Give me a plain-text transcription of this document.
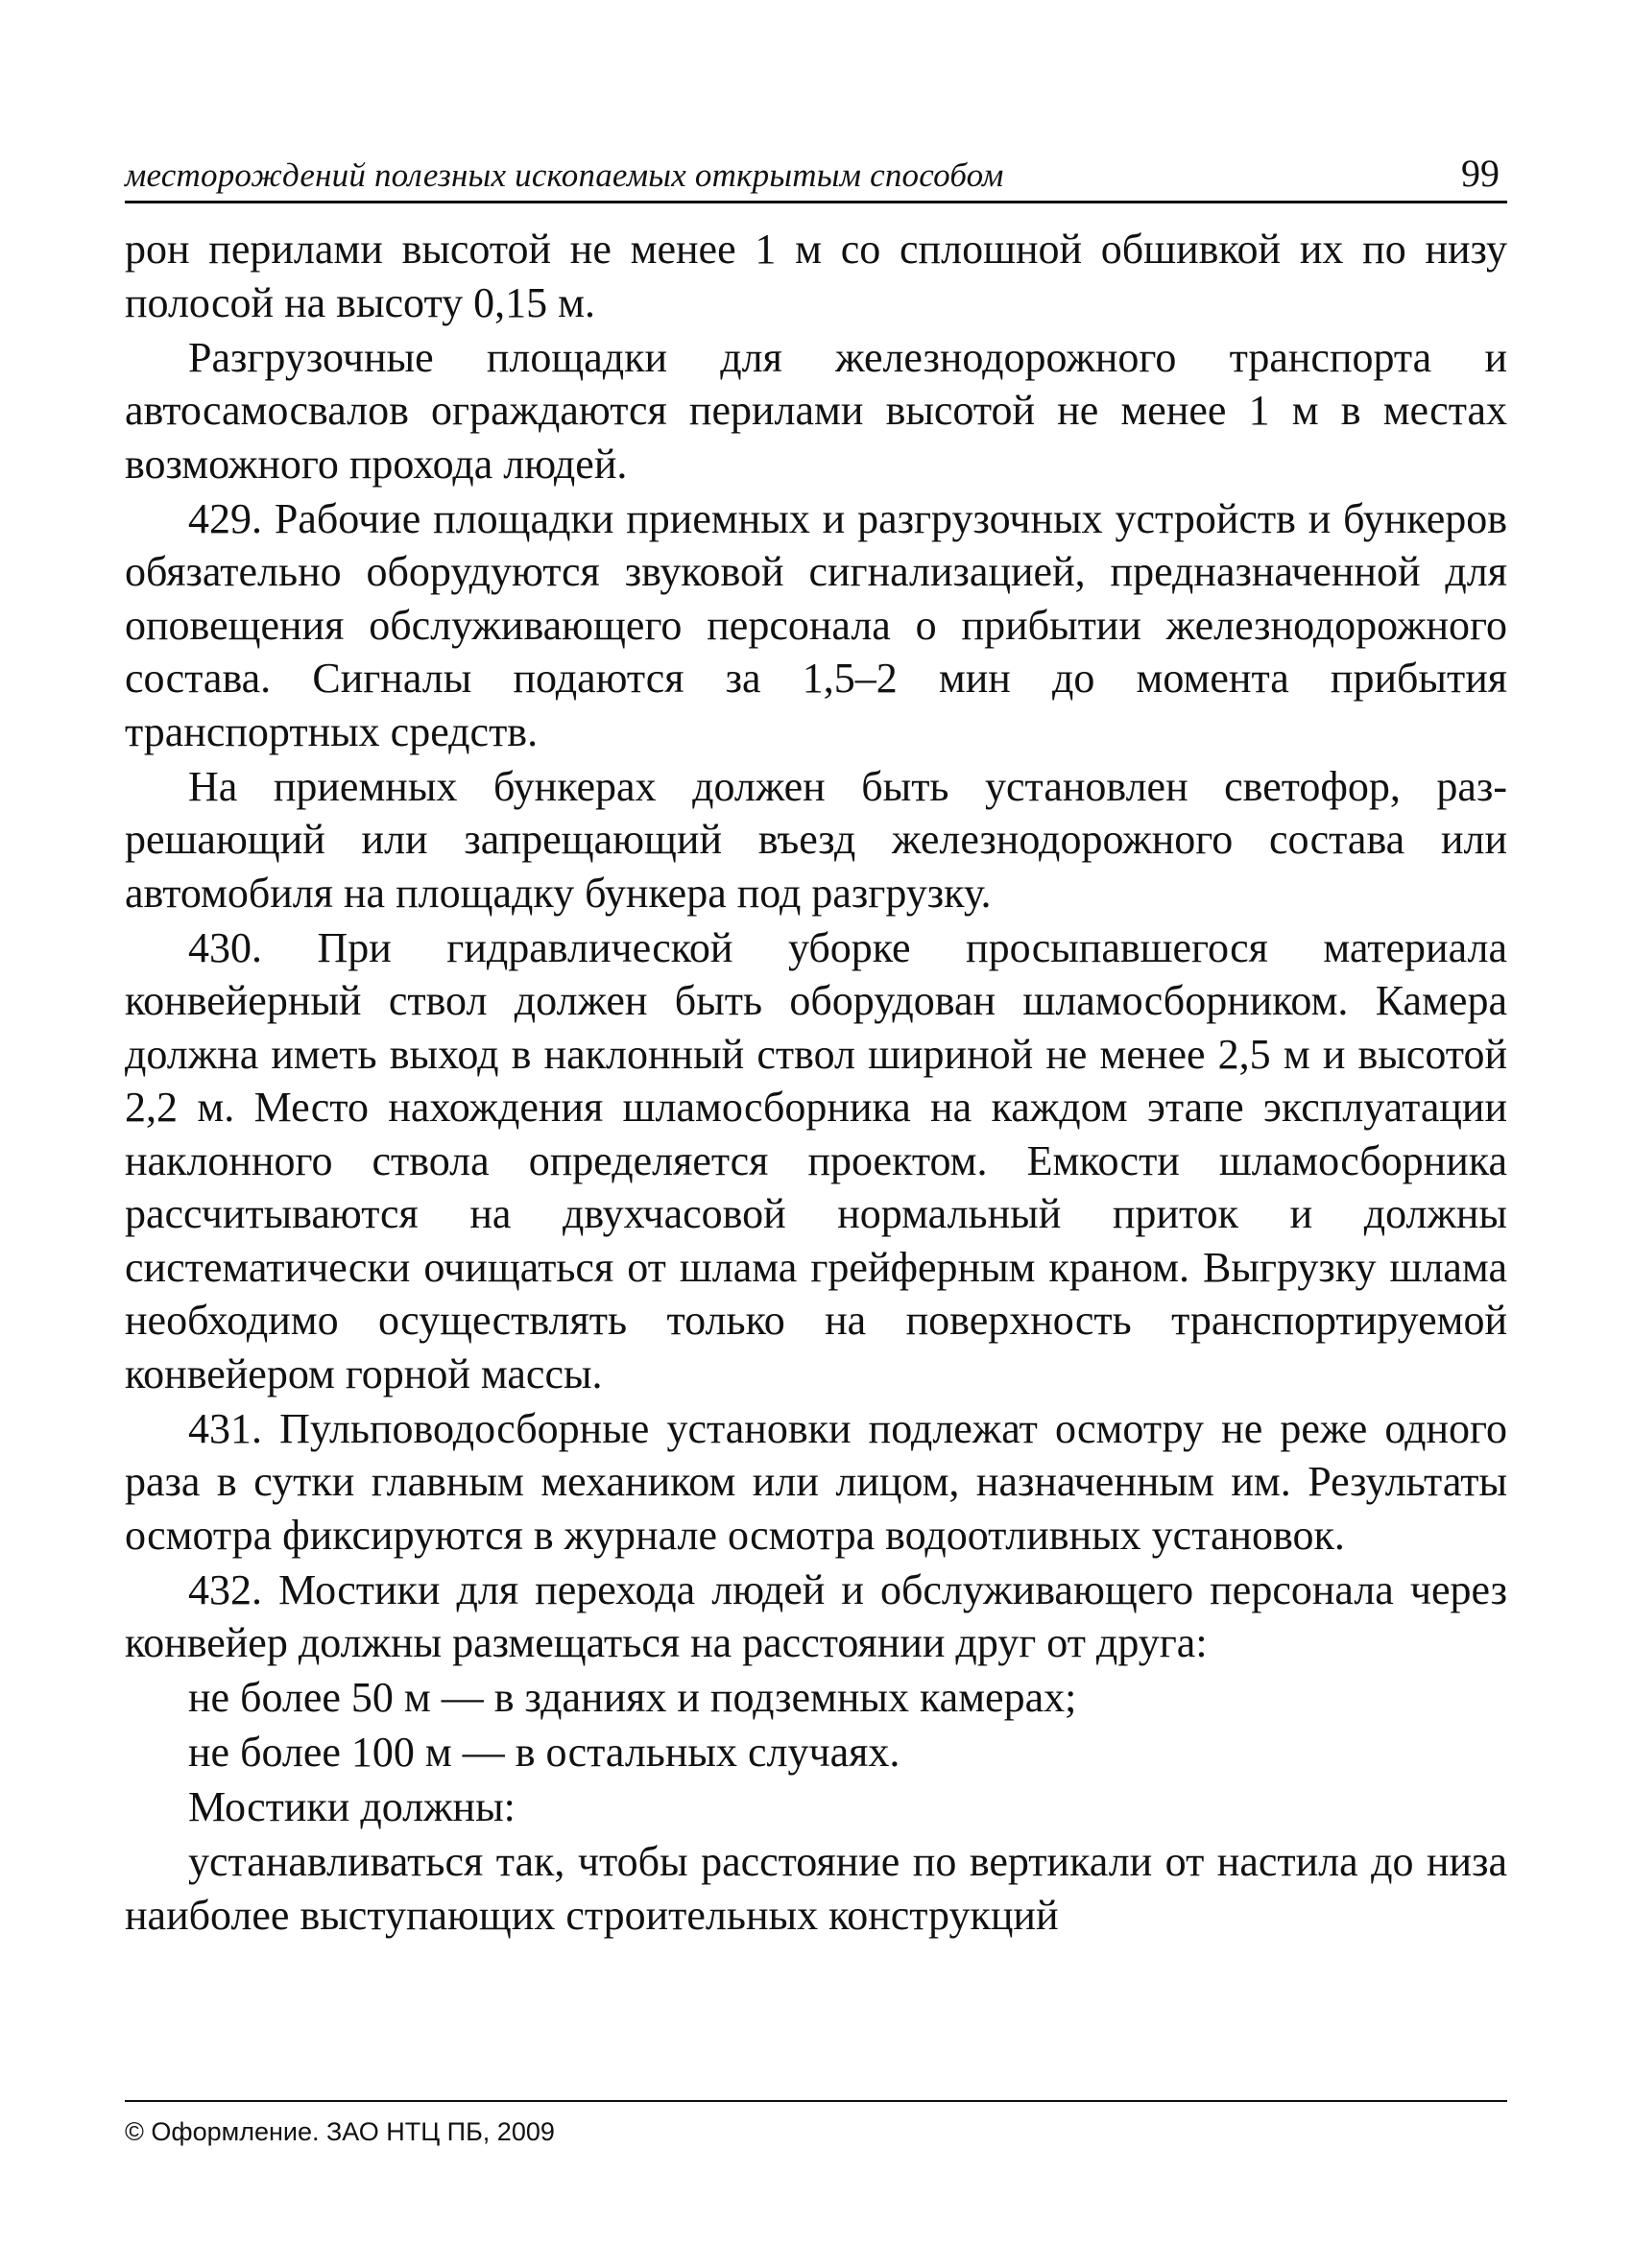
месторождений полезных ископаемых открытым способом	99

рон перилами высотой не менее 1 м со сплошной обшивкой их по низу полосой на высоту 0,15 м.

Разгрузочные площадки для железнодорожного транспорта и автосамосвалов ограждаются перилами высотой не менее 1 м в местах возможного прохода людей.

429. Рабочие площадки приемных и разгрузочных устройств и бункеров обязательно оборудуются звуковой сигнализацией, предназначенной для оповещения обслуживающего персонала о прибытии железнодорожного состава. Сигналы подаются за 1,5–2 мин до момента прибытия транспортных средств.

На приемных бункерах должен быть установлен светофор, разрешающий или запрещающий въезд железнодорожного состава или автомобиля на площадку бункера под разгрузку.

430. При гидравлической уборке просыпавшегося материала конвейерный ствол должен быть оборудован шламосборником. Камера должна иметь выход в наклонный ствол шириной не менее 2,5 м и высотой 2,2 м. Место нахождения шламосборника на каждом этапе эксплуатации наклонного ствола определяется проектом. Емкости шламосборника рассчитываются на двухчасовой нормальный приток и должны систематически очищаться от шлама грейферным краном. Выгрузку шлама необходимо осуществлять только на поверхность транспортируемой конвейером горной массы.

431. Пульповодосборные установки подлежат осмотру не реже одного раза в сутки главным механиком или лицом, назначенным им. Результаты осмотра фиксируются в журнале осмотра водоотливных установок.

432. Мостики для перехода людей и обслуживающего персонала через конвейер должны размещаться на расстоянии друг от друга:

не более 50 м — в зданиях и подземных камерах;

не более 100 м — в остальных случаях.

Мостики должны:

устанавливаться так, чтобы расстояние по вертикали от настила до низа наиболее выступающих строительных конструкций

© Оформление. ЗАО НТЦ ПБ, 2009
